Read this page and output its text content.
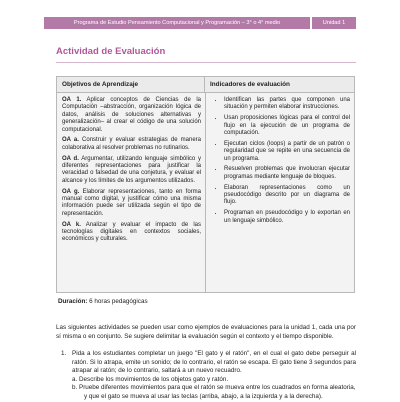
Programa de Estudio Pensamiento Computacional y Programación – 3° o 4° medio	Unidad 1
Actividad de Evaluación
Objetivos de Aprendizaje	Indicadores de evaluación

OA 1. Aplicar conceptos de Ciencias de la Computación –abstracción, organización lógica de datos, análisis de soluciones alternativas y generalización– al crear el código de una solución computacional.

OA a. Construir y evaluar estrategias de manera colaborativa al resolver problemas no rutinarios.

OA d. Argumentar, utilizando lenguaje simbólico y diferentes representaciones para justificar la veracidad o falsedad de una conjetura, y evaluar el alcance y los límites de los argumentos utilizados.

OA g. Elaborar representaciones, tanto en forma manual como digital, y justificar cómo una misma información puede ser utilizada según el tipo de representación.

OA k. Analizar y evaluar el impacto de las tecnologías digitales en contextos sociales, económicos y culturales.

• Identifican las partes que componen una situación y permiten elaborar instrucciones.
• Usan proposiciones lógicas para el control del flujo en la ejecución de un programa de computación.
• Ejecutan ciclos (loops) a partir de un patrón o regularidad que se repite en una secuencia de un programa.
• Resuelven problemas que involucran ejecutar programas mediante lenguaje de bloques.
• Elaboran representaciones como un pseudocódigo descrito por un diagrama de flujo.
• Programan en pseudocódigo y lo exportan en un lenguaje simbólico.
Duración: 6 horas pedagógicas
Las siguientes actividades se pueden usar como ejemplos de evaluaciones para la unidad 1, cada una por sí misma o en conjunto. Se sugiere delimitar la evaluación según el contexto y el tiempo disponible.
1. Pida a los estudiantes completar un juego "El gato y el ratón", en el cual el gato debe perseguir al ratón. Si lo atrapa, emite un sonido; de lo contrario, el ratón se escapa. El gato tiene 3 segundos para atrapar al ratón; de lo contrario, saltará a un nuevo recuadro.
a. Describe los movimientos de los objetos gato y ratón.
b. Pruebe diferentes movimientos para que el ratón se mueva entre los cuadrados en forma aleatoria, y que el gato se mueva al usar las teclas (arriba, abajo, a la izquierda y a la derecha).
